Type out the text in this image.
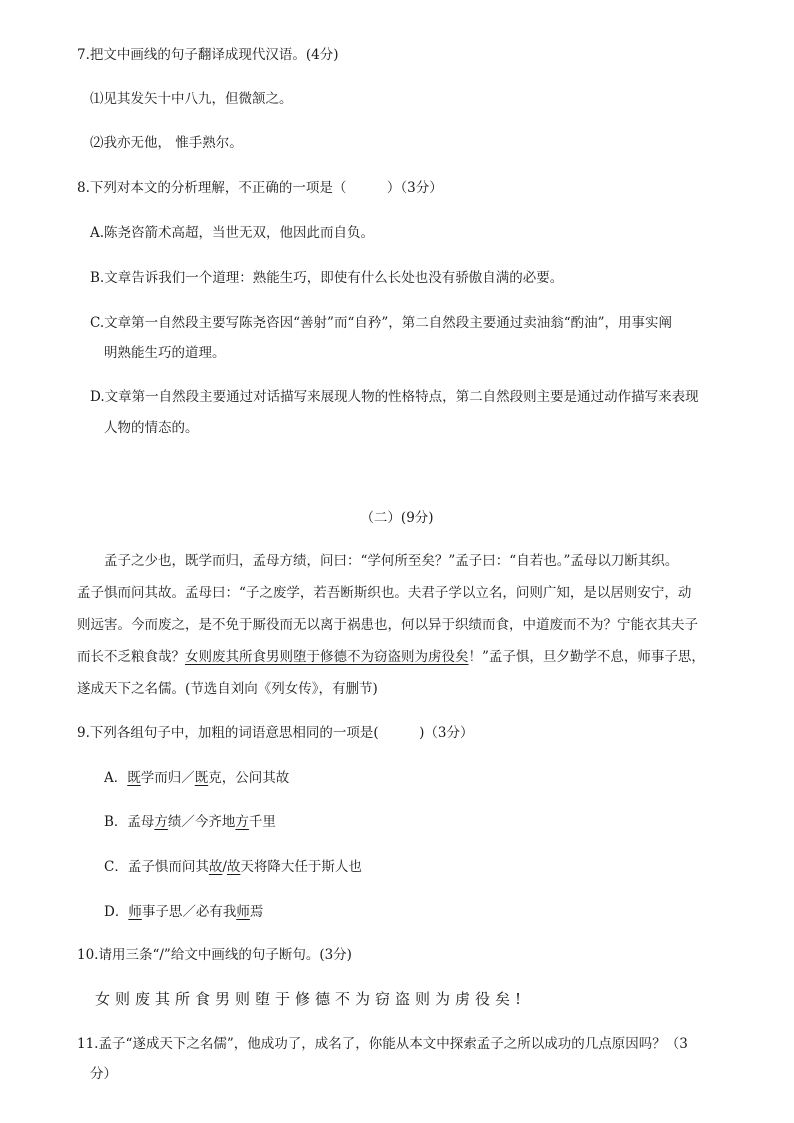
7.把文中画线的句子翻译成现代汉语。(4分)
⑴见其发矢十中八九，但微颔之。
⑵我亦无他， 惟手熟尔。
8.下列对本文的分析理解，不正确的一项是（　　　）（3分）
A.陈尧咨箭术高超，当世无双，他因此而自负。
B.文章告诉我们一个道理：熟能生巧，即使有什么长处也没有骄傲自满的必要。
C.文章第一自然段主要写陈尧咨因“善射”而“自矜”，第二自然段主要通过卖油翁“酌油”，用事实阐
明熟能生巧的道理。
D.文章第一自然段主要通过对话描写来展现人物的性格特点，第二自然段则主要是通过动作描写来表现
人物的情态的。
（二）(9分)
孟子之少也，既学而归，孟母方绩，问曰：“学何所至矣？”孟子曰：“自若也。”孟母以刀断其织。
孟子惧而问其故。孟母曰：“子之废学，若吾断斯织也。夫君子学以立名，问则广知，是以居则安宁，动
则远害。今而废之，是不免于厮役而无以离于祸患也，何以异于织绩而食，中道废而不为？宁能衣其夫子
而长不乏粮食哉？女则废其所食男则堕于修德不为窃盗则为虏役矣！”孟子惧，旦夕勤学不息，师事子思，
遂成天下之名儒。(节选自刘向《列女传》，有删节)
9.下列各组句子中，加粗的词语意思相同的一项是(　　　)（3分）
A．既学而归／既克，公问其故
B．孟母方绩／今齐地方千里
C．孟子惧而问其故/故天将降大任于斯人也
D．师事子思／必有我师焉
10.请用三条“/”给文中画线的句子断句。(3分)
女则废其所食男则堕于修德不为窃盗则为虏役矣!
11.孟子“遂成天下之名儒”，他成功了，成名了，你能从本文中探索孟子之所以成功的几点原因吗？（3
分）
